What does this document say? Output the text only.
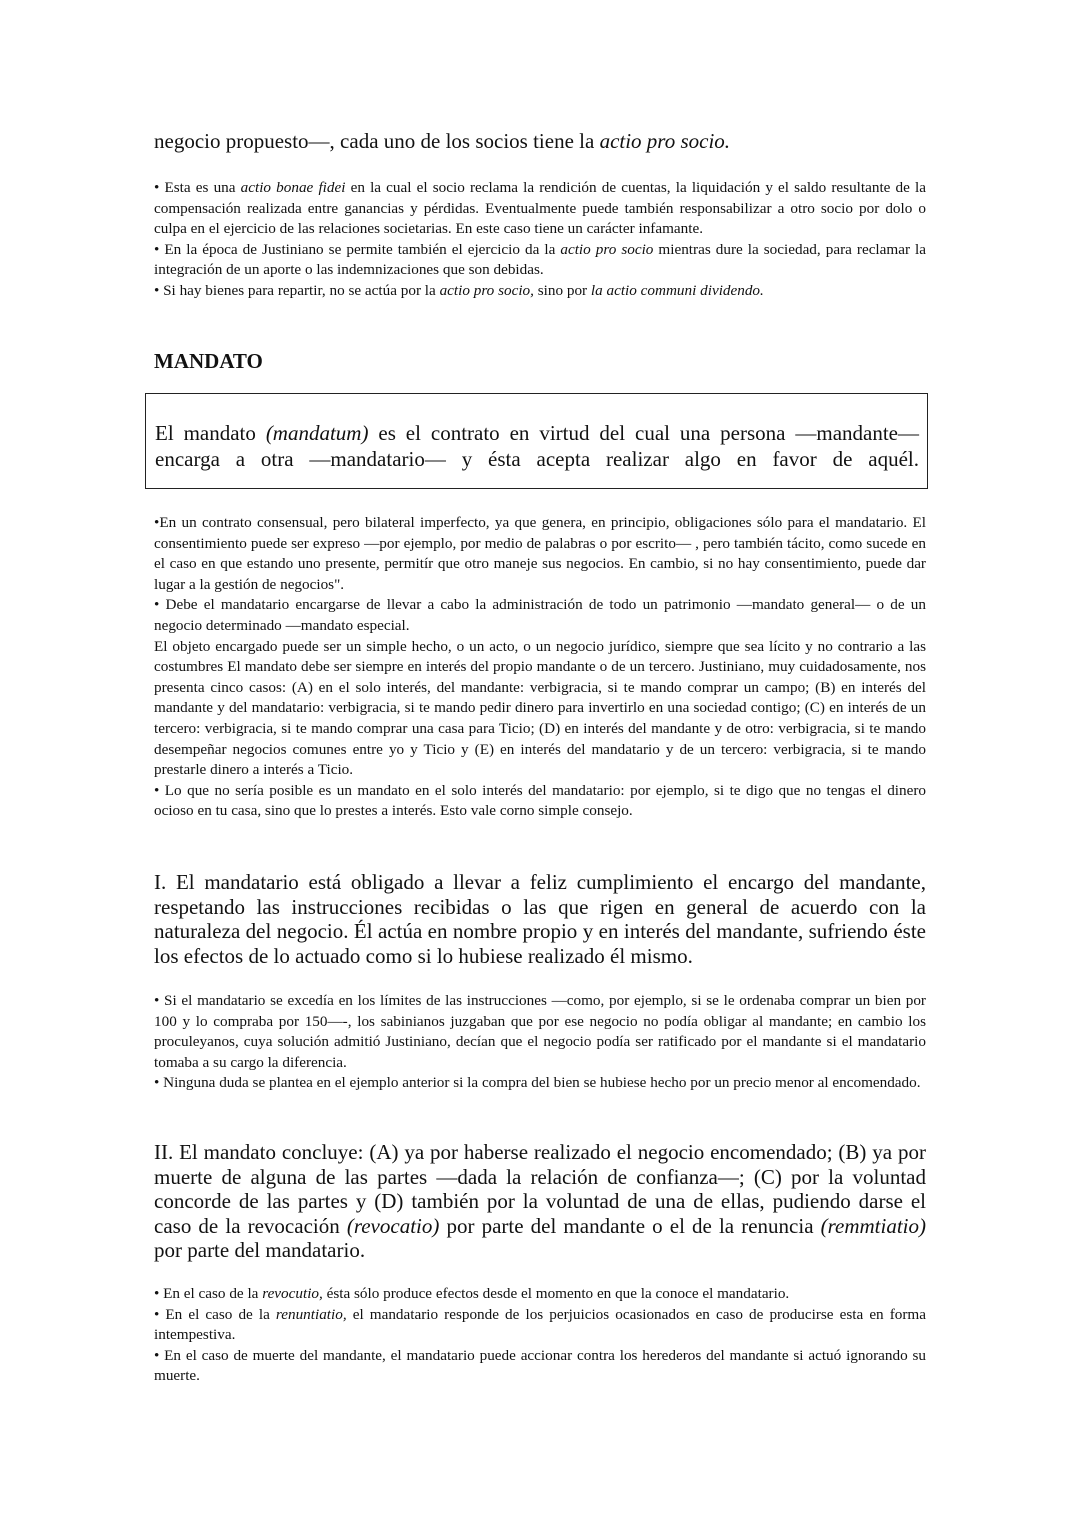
negocio propuesto—, cada uno de los socios tiene la actio pro socio.

• Esta es una actio bonae fidei en la cual el socio reclama la rendición de cuentas, la liquidación y el saldo resultante de la compensación realizada entre ganancias y pérdidas. Eventualmente puede también responsabilizar a otro socio por dolo o culpa en el ejercicio de las relaciones societarias. En este caso tiene un carácter infamante.

• En la época de Justiniano se permite también el ejercicio da la actio pro socio mientras dure la sociedad, para reclamar la integración de un aporte o las indemnizaciones que son debidas.

• Si hay bienes para repartir, no se actúa por la actio pro socio, sino por la actio communi dividendo.

MANDATO

El mandato (mandatum) es el contrato en virtud del cual una persona —mandante— encarga a otra —mandatario— y ésta acepta realizar algo en favor de aquél.

•En un contrato consensual, pero bilateral imperfecto, ya que genera, en principio, obligaciones sólo para el mandatario. El consentimiento puede ser expreso —por ejemplo, por medio de palabras o por escrito— , pero también tácito, como sucede en el caso en que estando uno presente, permitír que otro maneje sus negocios. En cambio, si no hay consentimiento, puede dar lugar a la gestión de negocios".

• Debe el mandatario encargarse de llevar a cabo la administración de todo un patrimonio —mandato general— o de un negocio determinado —mandato especial.

El objeto encargado puede ser un simple hecho, o un acto, o un negocio jurídico, siempre que sea lícito y no contrario a las costumbres El mandato debe ser siempre en interés del propio mandante o de un tercero. Justiniano, muy cuidadosamente, nos presenta cinco casos: (A) en el solo interés, del mandante: verbigracia, si te mando comprar un campo; (B) en interés del mandante y del mandatario: verbigracia, si te mando pedir dinero para invertirlo en una sociedad contigo; (C) en interés de un tercero: verbigracia, si te mando comprar una casa para Ticio; (D) en interés del mandante y de otro: verbigracia, si te mando desempeñar negocios comunes entre yo y Ticio y (E) en interés del mandatario y de un tercero: verbigracia, si te mando prestarle dinero a interés a Ticio.

• Lo que no sería posible es un mandato en el solo interés del mandatario: por ejemplo, si te digo que no tengas el dinero ocioso en tu casa, sino que lo prestes a interés. Esto vale corno simple consejo.

I. El mandatario está obligado a llevar a feliz cumplimiento el encargo del mandante, respetando las instrucciones recibidas o las que rigen en general de acuerdo con la naturaleza del negocio. Él actúa en nombre propio y en interés del mandante, sufriendo éste los efectos de lo actuado como si lo hubiese realizado él mismo.

• Si el mandatario se excedía en los límites de las instrucciones —como, por ejemplo, si se le ordenaba comprar un bien por 100 y lo compraba por 150—-, los sabinianos juzgaban que por ese negocio no podía obligar al mandante; en cambio los proculeyanos, cuya solución admitió Justiniano, decían que el negocio podía ser ratificado por el mandante si el mandatario tomaba a su cargo la diferencia.

• Ninguna duda se plantea en el ejemplo anterior si la compra del bien se hubiese hecho por un precio menor al encomendado.

II. El mandato concluye: (A) ya por haberse realizado el negocio encomendado; (B) ya por muerte de alguna de las partes —dada la relación de confianza—; (C) por la voluntad concorde de las partes y (D) también por la voluntad de una de ellas, pudiendo darse el caso de la revocación (revocatio) por parte del mandante o el de la renuncia (remmtiatio) por parte del mandatario.

• En el caso de la revocutio, ésta sólo produce efectos desde el momento en que la conoce el mandatario.

• En el caso de la renuntiatio, el mandatario responde de los perjuicios ocasionados en caso de producirse esta en forma intempestiva.

• En el caso de muerte del mandante, el mandatario puede accionar contra los herederos del mandante si actuó ignorando su muerte.
